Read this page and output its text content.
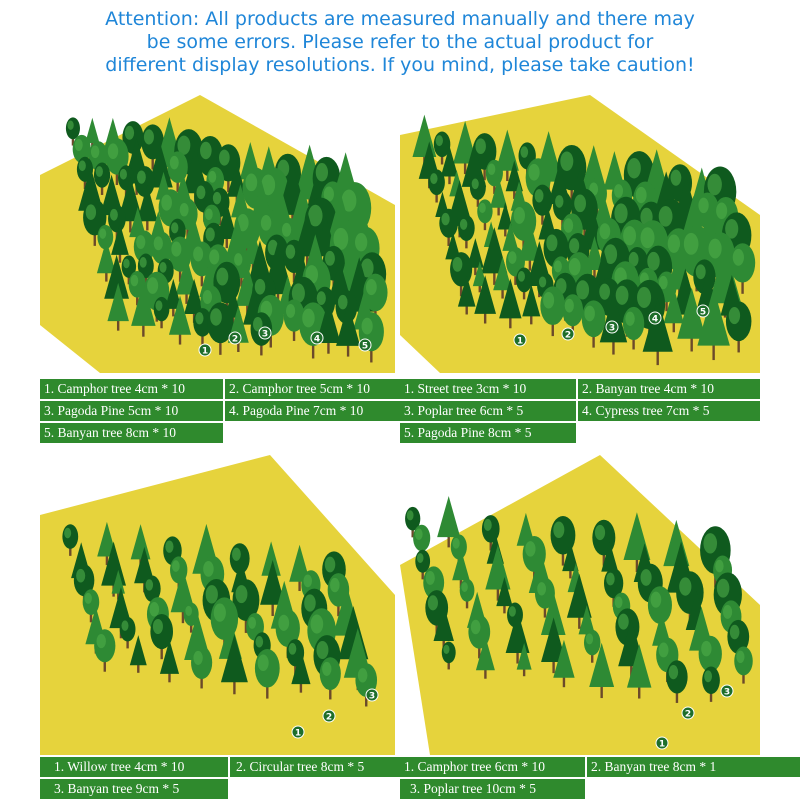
Attention: All products are measured manually and there may
be some errors. Please refer to the actual product for
different display resolutions. If you mind, please take caution!
1
2	3	4
5	1
2
3
4
5
1
2
3
1
2
3
1. Camphor tree 4cm * 10	2. Camphor tree 5cm * 10
3. Pagoda Pine 5cm * 10	4. Pagoda Pine 7cm * 10
5. Banyan tree 8cm * 10
1. Street tree 3cm * 10	2. Banyan tree 4cm * 10
3. Poplar tree 6cm * 5	4. Cypress tree 7cm * 5
5. Pagoda Pine 8cm * 5
1. Willow tree 4cm * 10	2. Circular tree 8cm * 5
3. Banyan tree 9cm * 5
1. Camphor tree 6cm * 10	2. Banyan tree 8cm * 1
3. Poplar tree 10cm * 5
